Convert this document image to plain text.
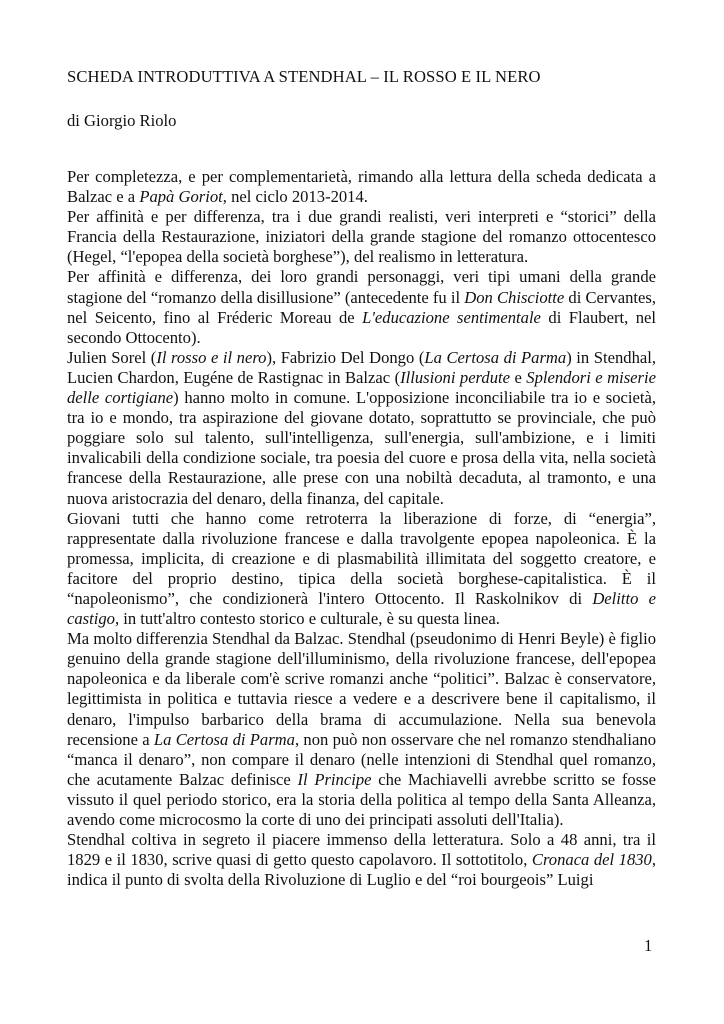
SCHEDA INTRODUTTIVA A STENDHAL – IL ROSSO E IL NERO
di Giorgio Riolo

Per completezza, e per complementarietà, rimando alla lettura della scheda dedicata a Balzac e a Papà Goriot, nel ciclo 2013-2014.

Per affinità e per differenza, tra i due grandi realisti, veri interpreti e “storici” della Francia della Restaurazione, iniziatori della grande stagione del romanzo ottocentesco (Hegel, “l'epopea della società borghese”), del realismo in letteratura.

Per affinità e differenza, dei loro grandi personaggi, veri tipi umani della grande stagione del “romanzo della disillusione” (antecedente fu il Don Chisciotte di Cervantes, nel Seicento, fino al Fréderic Moreau de L'educazione sentimentale di Flaubert, nel secondo Ottocento).

Julien Sorel (Il rosso e il nero), Fabrizio Del Dongo (La Certosa di Parma) in Stendhal, Lucien Chardon, Eugéne de Rastignac in Balzac (Illusioni perdute e Splendori e miserie delle cortigiane) hanno molto in comune. L'opposizione inconciliabile tra io e società, tra io e mondo, tra aspirazione del giovane dotato, soprattutto se provinciale, che può poggiare solo sul talento, sull'intelligenza, sull'energia, sull'ambizione, e i limiti invalicabili della condizione sociale, tra poesia del cuore e prosa della vita, nella società francese della Restaurazione, alle prese con una nobiltà decaduta, al tramonto, e una nuova aristocrazia del denaro, della finanza, del capitale.

Giovani tutti che hanno come retroterra la liberazione di forze, di “energia”, rappresentate dalla rivoluzione francese e dalla travolgente epopea napoleonica. È la promessa, implicita, di creazione e di plasmabilità illimitata del soggetto creatore, e facitore del proprio destino, tipica della società borghese-capitalistica. È il “napoleonismo”, che condizionerà l'intero Ottocento. Il Raskolnikov di Delitto e castigo, in tutt'altro contesto storico e culturale, è su questa linea.

Ma molto differenzia Stendhal da Balzac. Stendhal (pseudonimo di Henri Beyle) è figlio genuino della grande stagione dell'illuminismo, della rivoluzione francese, dell'epopea napoleonica e da liberale com'è scrive romanzi anche “politici”. Balzac è conservatore, legittimista in politica e tuttavia riesce a vedere e a descrivere bene il capitalismo, il denaro, l'impulso barbarico della brama di accumulazione. Nella sua benevola recensione a La Certosa di Parma, non può non osservare che nel romanzo stendhaliano “manca il denaro”, non compare il denaro (nelle intenzioni di Stendhal quel romanzo, che acutamente Balzac definisce Il Principe che Machiavelli avrebbe scritto se fosse vissuto il quel periodo storico, era la storia della politica al tempo della Santa Alleanza, avendo come microcosmo la corte di uno dei principati assoluti dell'Italia).

Stendhal coltiva in segreto il piacere immenso della letteratura. Solo a 48 anni, tra il 1829 e il 1830, scrive quasi di getto questo capolavoro. Il sottotitolo, Cronaca del 1830, indica il punto di svolta della Rivoluzione di Luglio e del “roi bourgeois” Luigi

1
